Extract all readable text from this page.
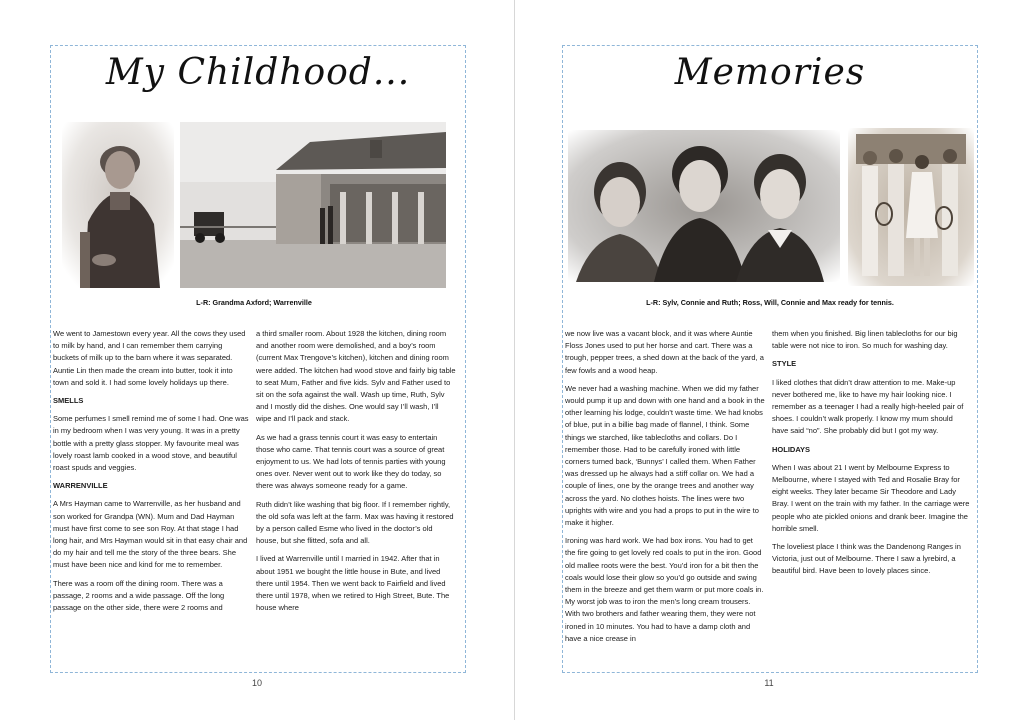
My Childhood...
L-R: Grandma Axford; Warrenville

We went to Jamestown every year. All the cows they used to milk by hand, and I can remember them carrying buckets of milk up to the barn where it was separated. Auntie Lin then made the cream into butter, took it into town and sold it. I had some lovely holidays up there.

SMELLS

Some perfumes I smell remind me of some I had. One was in my bedroom when I was very young. It was in a pretty bottle with a pretty glass stopper. My favourite meal was lovely roast lamb cooked in a wood stove, and beautiful roast spuds and veggies.

WARRENVILLE

A Mrs Hayman came to Warrenville, as her husband and son worked for Grandpa (WN). Mum and Dad Hayman must have first come to see son Roy. At that stage I had long hair, and Mrs Hayman would sit in that easy chair and do my hair and tell me the story of the three bears. She must have been nice and kind for me to remember.

There was a room off the dining room. There was a passage, 2 rooms and a wide passage. Off the long passage on the other side, there were 2 rooms and

a third smaller room. About 1928 the kitchen, dining room and another room were demolished, and a boy’s room (current Max Trengove’s kitchen), kitchen and dining room were added. The kitchen had wood stove and fairly big table to seat Mum, Father and five kids. Sylv and Father used to sit on the sofa against the wall. Wash up time, Ruth, Sylv and I mostly did the dishes. One would say I’ll wash, I’ll wipe and I’ll pack and stack.

As we had a grass tennis court it was easy to entertain those who came. That tennis court was a source of great enjoyment to us. We had lots of tennis parties with young ones over. Never went out to work like they do today, so there was always someone ready for a game.

Ruth didn’t like washing that big floor. If I remember rightly, the old sofa was left at the farm. Max was having it restored by a person called Esme who lived in the doctor’s old house, but she flitted, sofa and all.

I lived at Warrenville until I married in 1942. After that in about 1951 we bought the little house in Bute, and lived there until 1954. Then we went back to Fairfield and lived there until 1978, when we retired to High Street, Bute. The house where

10
Memories
L-R: Sylv, Connie and Ruth; Ross, Will, Connie and Max ready for tennis.

we now live was a vacant block, and it was where Auntie Floss Jones used to put her horse and cart. There was a trough, pepper trees, a shed down at the back of the yard, a few fowls and a wood heap.

We never had a washing machine. When we did my father would pump it up and down with one hand and a book in the other learning his lodge, couldn’t waste time. We had knobs of blue, put in a billie bag made of flannel, I think. Some things we starched, like tablecloths and collars. Do I remember those. Had to be carefully ironed with little corners turned back, ‘Bunnys’ I called them. When Father was dressed up he always had a stiff collar on. We had a couple of lines, one by the orange trees and another way across the yard. No clothes hoists. The lines were two uprights with wire and you had a props to put in the wire to make it higher.

Ironing was hard work. We had box irons. You had to get the fire going to get lovely red coals to put in the iron. Good old mallee roots were the best. You’d iron for a bit then the coals would lose their glow so you’d go outside and swing them in the breeze and get them warm or put more coals in. My worst job was to iron the men’s long cream trousers. With two brothers and father wearing them, they were not ironed in 10 minutes. You had to have a damp cloth and have a nice crease in

them when you finished. Big linen tablecloths for our big table were not nice to iron. So much for washing day.

STYLE

I liked clothes that didn’t draw attention to me. Make-up never bothered me, like to have my hair looking nice. I remember as a teenager I had a really high-heeled pair of shoes. I couldn’t walk properly. I know my mum should have said “no”. She probably did but I got my way.

HOLIDAYS

When I was about 21 I went by Melbourne Express to Melbourne, where I stayed with Ted and Rosalie Bray for eight weeks. They later became Sir Theodore and Lady Bray. I went on the train with my father. In the carriage were people who ate pickled onions and drank beer. Imagine the horrible smell.

The loveliest place I think was the Dandenong Ranges in Victoria, just out of Melbourne. There I saw a lyrebird, a beautiful bird. Have been to lovely places since.

11
